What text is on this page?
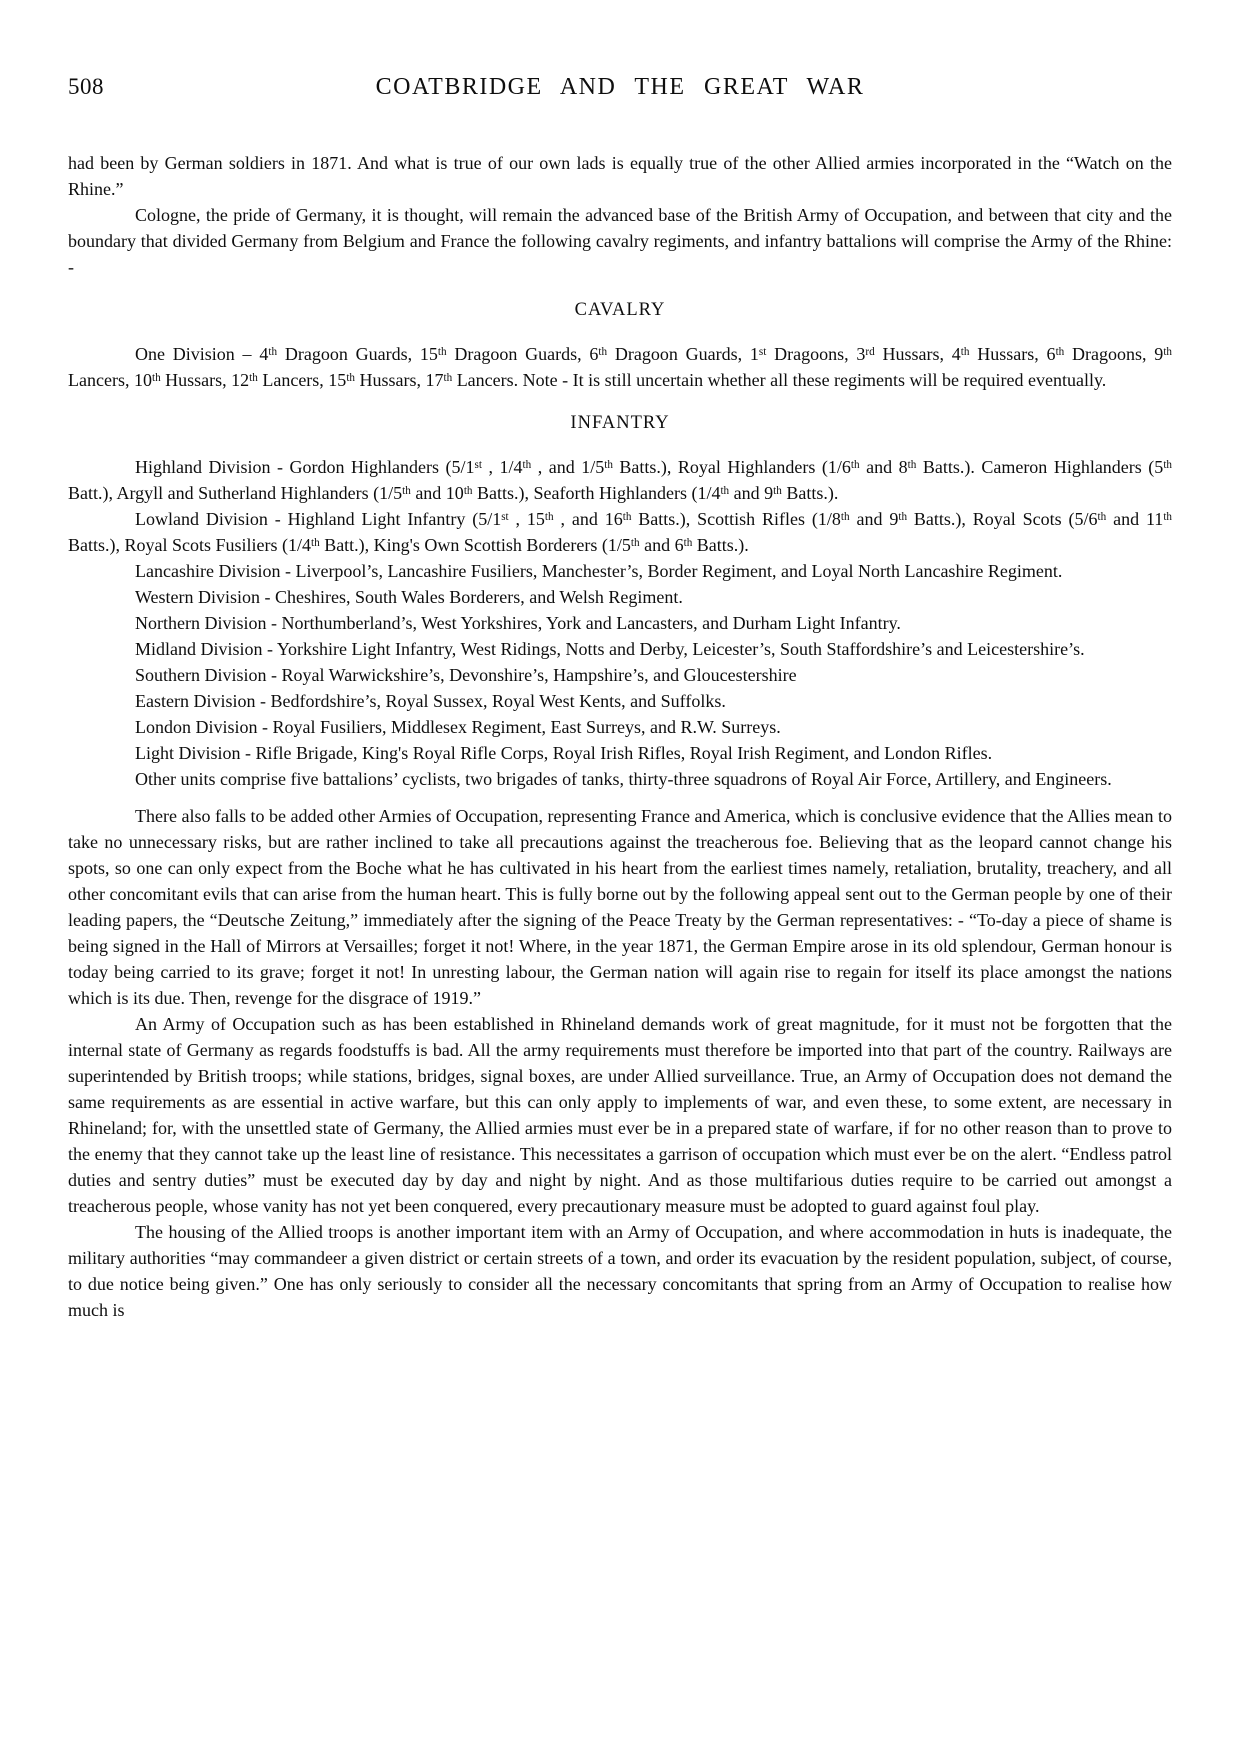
508	COATBRIDGE AND THE GREAT WAR

had been by German soldiers in 1871. And what is true of our own lads is equally true of the other Allied armies incorporated in the “Watch on the Rhine.”

Cologne, the pride of Germany, it is thought, will remain the advanced base of the British Army of Occupation, and between that city and the boundary that divided Germany from Belgium and France the following cavalry regiments, and infantry battalions will comprise the Army of the Rhine: -

CAVALRY

One Division – 4th Dragoon Guards, 15th Dragoon Guards, 6th Dragoon Guards, 1st Dragoons, 3rd Hussars, 4th Hussars, 6th Dragoons, 9th Lancers, 10th Hussars, 12th Lancers, 15th Hussars, 17th Lancers. Note - It is still uncertain whether all these regiments will be required eventually.

INFANTRY

Highland Division - Gordon Highlanders (5/1st , 1/4th , and 1/5th Batts.), Royal Highlanders (1/6th and 8th Batts.). Cameron Highlanders (5th Batt.), Argyll and Sutherland Highlanders (1/5th and 10th Batts.), Seaforth Highlanders (1/4th and 9th Batts.).

Lowland Division - Highland Light Infantry (5/1st , 15th , and 16th Batts.), Scottish Rifles (1/8th and 9th Batts.), Royal Scots (5/6th and 11th Batts.), Royal Scots Fusiliers (1/4th Batt.), King's Own Scottish Borderers (1/5th and 6th Batts.).

Lancashire Division - Liverpool’s, Lancashire Fusiliers, Manchester’s, Border Regiment, and Loyal North Lancashire Regiment.

Western Division - Cheshires, South Wales Borderers, and Welsh Regiment.

Northern Division - Northumberland’s, West Yorkshires, York and Lancasters, and Durham Light Infantry.

Midland Division - Yorkshire Light Infantry, West Ridings, Notts and Derby, Leicester’s, South Staffordshire’s and Leicestershire’s.

Southern Division - Royal Warwickshire’s, Devonshire’s, Hampshire’s, and Gloucestershire

Eastern Division - Bedfordshire’s, Royal Sussex, Royal West Kents, and Suffolks.

London Division - Royal Fusiliers, Middlesex Regiment, East Surreys, and R.W. Surreys.

Light Division - Rifle Brigade, King's Royal Rifle Corps, Royal Irish Rifles, Royal Irish Regiment, and London Rifles.

Other units comprise five battalions’ cyclists, two brigades of tanks, thirty-three squadrons of Royal Air Force, Artillery, and Engineers.

There also falls to be added other Armies of Occupation, representing France and America, which is conclusive evidence that the Allies mean to take no unnecessary risks, but are rather inclined to take all precautions against the treacherous foe. Believing that as the leopard cannot change his spots, so one can only expect from the Boche what he has cultivated in his heart from the earliest times namely, retaliation, brutality, treachery, and all other concomitant evils that can arise from the human heart. This is fully borne out by the following appeal sent out to the German people by one of their leading papers, the “Deutsche Zeitung,” immediately after the signing of the Peace Treaty by the German representatives: - “To-day a piece of shame is being signed in the Hall of Mirrors at Versailles; forget it not! Where, in the year 1871, the German Empire arose in its old splendour, German honour is today being carried to its grave; forget it not! In unresting labour, the German nation will again rise to regain for itself its place amongst the nations which is its due. Then, revenge for the disgrace of 1919.”

An Army of Occupation such as has been established in Rhineland demands work of great magnitude, for it must not be forgotten that the internal state of Germany as regards foodstuffs is bad. All the army requirements must therefore be imported into that part of the country. Railways are superintended by British troops; while stations, bridges, signal boxes, are under Allied surveillance. True, an Army of Occupation does not demand the same requirements as are essential in active warfare, but this can only apply to implements of war, and even these, to some extent, are necessary in Rhineland; for, with the unsettled state of Germany, the Allied armies must ever be in a prepared state of warfare, if for no other reason than to prove to the enemy that they cannot take up the least line of resistance. This necessitates a garrison of occupation which must ever be on the alert. “Endless patrol duties and sentry duties” must be executed day by day and night by night. And as those multifarious duties require to be carried out amongst a treacherous people, whose vanity has not yet been conquered, every precautionary measure must be adopted to guard against foul play.

The housing of the Allied troops is another important item with an Army of Occupation, and where accommodation in huts is inadequate, the military authorities “may commandeer a given district or certain streets of a town, and order its evacuation by the resident population, subject, of course, to due notice being given.” One has only seriously to consider all the necessary concomitants that spring from an Army of Occupation to realise how much is
